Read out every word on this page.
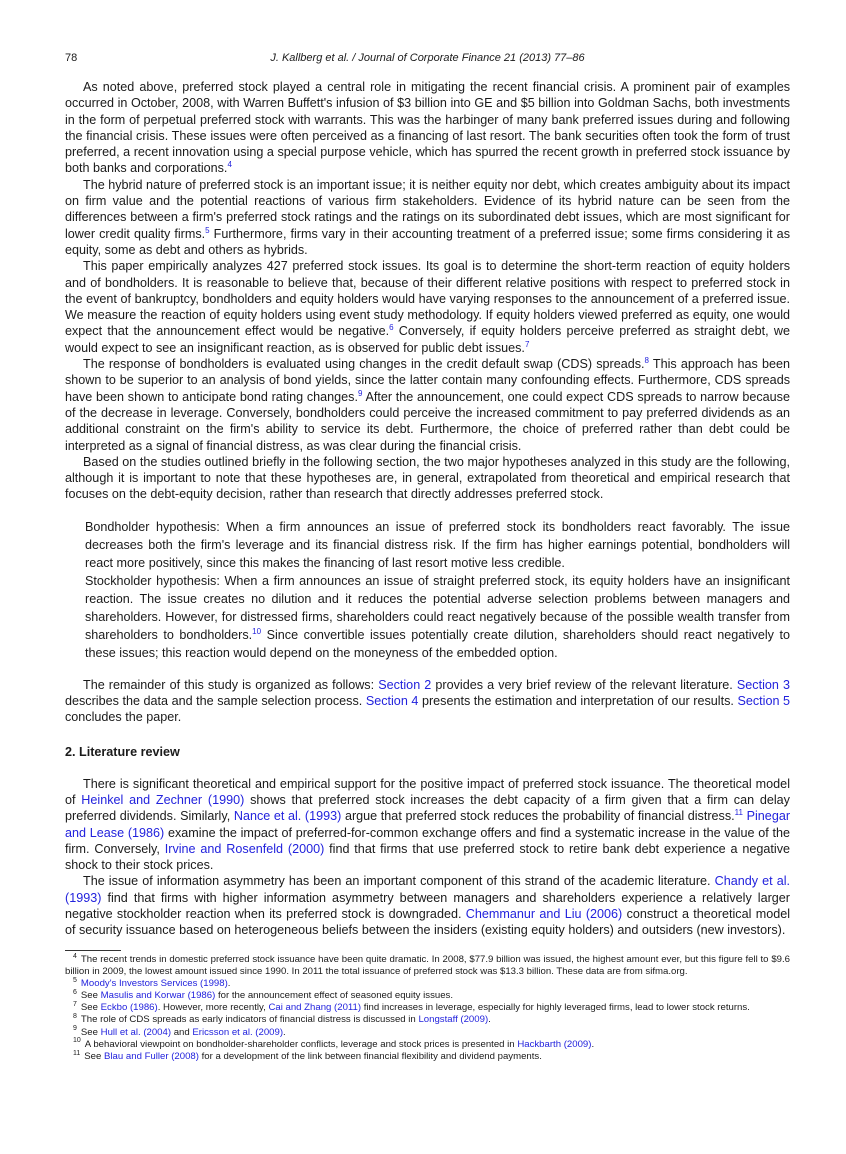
78	J. Kallberg et al. / Journal of Corporate Finance 21 (2013) 77–86

As noted above, preferred stock played a central role in mitigating the recent financial crisis. A prominent pair of examples occurred in October, 2008, with Warren Buffett's infusion of $3 billion into GE and $5 billion into Goldman Sachs, both investments in the form of perpetual preferred stock with warrants. This was the harbinger of many bank preferred issues during and following the financial crisis. These issues were often perceived as a financing of last resort. The bank securities often took the form of trust preferred, a recent innovation using a special purpose vehicle, which has spurred the recent growth in preferred stock issuance by both banks and corporations.$^4$

The hybrid nature of preferred stock is an important issue; it is neither equity nor debt, which creates ambiguity about its impact on firm value and the potential reactions of various firm stakeholders. Evidence of its hybrid nature can be seen from the differences between a firm's preferred stock ratings and the ratings on its subordinated debt issues, which are most significant for lower credit quality firms.$^5$ Furthermore, firms vary in their accounting treatment of a preferred issue; some firms considering it as equity, some as debt and others as hybrids.

This paper empirically analyzes 427 preferred stock issues. Its goal is to determine the short-term reaction of equity holders and of bondholders. It is reasonable to believe that, because of their different relative positions with respect to preferred stock in the event of bankruptcy, bondholders and equity holders would have varying responses to the announcement of a preferred issue. We measure the reaction of equity holders using event study methodology. If equity holders viewed preferred as equity, one would expect that the announcement effect would be negative.$^6$ Conversely, if equity holders perceive preferred as straight debt, we would expect to see an insignificant reaction, as is observed for public debt issues.$^7$

The response of bondholders is evaluated using changes in the credit default swap (CDS) spreads.$^8$ This approach has been shown to be superior to an analysis of bond yields, since the latter contain many confounding effects. Furthermore, CDS spreads have been shown to anticipate bond rating changes.$^9$ After the announcement, one could expect CDS spreads to narrow because of the decrease in leverage. Conversely, bondholders could perceive the increased commitment to pay preferred dividends as an additional constraint on the firm's ability to service its debt. Furthermore, the choice of preferred rather than debt could be interpreted as a signal of financial distress, as was clear during the financial crisis.

Based on the studies outlined briefly in the following section, the two major hypotheses analyzed in this study are the following, although it is important to note that these hypotheses are, in general, extrapolated from theoretical and empirical research that focuses on the debt-equity decision, rather than research that directly addresses preferred stock.

Bondholder hypothesis: When a firm announces an issue of preferred stock its bondholders react favorably. The issue decreases both the firm's leverage and its financial distress risk. If the firm has higher earnings potential, bondholders will react more positively, since this makes the financing of last resort motive less credible.

Stockholder hypothesis: When a firm announces an issue of straight preferred stock, its equity holders have an insignificant reaction. The issue creates no dilution and it reduces the potential adverse selection problems between managers and shareholders. However, for distressed firms, shareholders could react negatively because of the possible wealth transfer from shareholders to bondholders.$^{10}$ Since convertible issues potentially create dilution, shareholders should react negatively to these issues; this reaction would depend on the moneyness of the embedded option.

The remainder of this study is organized as follows: Section 2 provides a very brief review of the relevant literature. Section 3 describes the data and the sample selection process. Section 4 presents the estimation and interpretation of our results. Section 5 concludes the paper.

2. Literature review

There is significant theoretical and empirical support for the positive impact of preferred stock issuance. The theoretical model of Heinkel and Zechner (1990) shows that preferred stock increases the debt capacity of a firm given that a firm can delay preferred dividends. Similarly, Nance et al. (1993) argue that preferred stock reduces the probability of financial distress.$^{11}$ Pinegar and Lease (1986) examine the impact of preferred-for-common exchange offers and find a systematic increase in the value of the firm. Conversely, Irvine and Rosenfeld (2000) find that firms that use preferred stock to retire bank debt experience a negative shock to their stock prices.

The issue of information asymmetry has been an important component of this strand of the academic literature. Chandy et al. (1993) find that firms with higher information asymmetry between managers and shareholders experience a relatively larger negative stockholder reaction when its preferred stock is downgraded. Chemmanur and Liu (2006) construct a theoretical model of security issuance based on heterogeneous beliefs between the insiders (existing equity holders) and outsiders (new investors).

$^4$ The recent trends in domestic preferred stock issuance have been quite dramatic. In 2008, $77.9 billion was issued, the highest amount ever, but this figure fell to $9.6 billion in 2009, the lowest amount issued since 1990. In 2011 the total issuance of preferred stock was $13.3 billion. These data are from sifma.org.

$^5$ Moody's Investors Services (1998).

$^6$ See Masulis and Korwar (1986) for the announcement effect of seasoned equity issues.

$^7$ See Eckbo (1986). However, more recently, Cai and Zhang (2011) find increases in leverage, especially for highly leveraged firms, lead to lower stock returns.

$^8$ The role of CDS spreads as early indicators of financial distress is discussed in Longstaff (2009).

$^9$ See Hull et al. (2004) and Ericsson et al. (2009).

$^{10}$ A behavioral viewpoint on bondholder-shareholder conflicts, leverage and stock prices is presented in Hackbarth (2009).

$^{11}$ See Blau and Fuller (2008) for a development of the link between financial flexibility and dividend payments.
